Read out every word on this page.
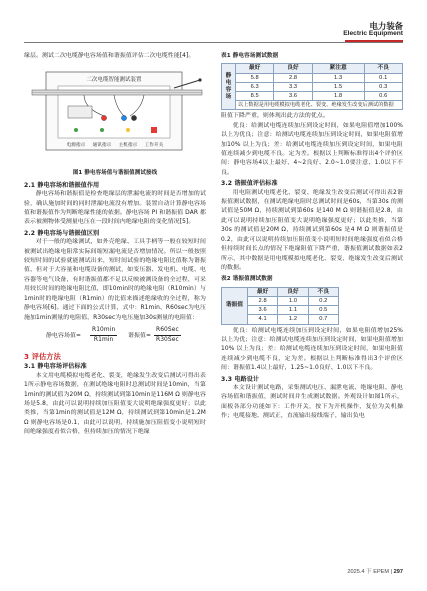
电力装备
Electric Equipment
缘层。测试二次电缆静电容场值和谐振值评估二次电缆性能[4]。
二次电缆智能测试装置
电源指示 通讯指示 主机指示 工作开关
图1 静电容场值与谐振值测试接线
2.1 静电容场和谐振值作用
静电容场和谐振值是检查绝缘层的泄漏电流的时间是否增加的试验，确认施加时间的同时泄漏电流没有增加。装置自动计算静电容场值和谐振值作为判断绝缘性能的依据。静电容场 PI 和谐振值 DAR 都表示被测物体受测量电压在一段时间内绝缘电阻的变化情况[5]。
2.2 静电容场与谐振值区别
对于一般的绝缘测试，如外壳绝缘、工具手柄等一般在较短时间被测试出绝缘电阻常实际间缩短漏电流是否增加情况。所以一般按照较短时间的试验就能测试出来，短时间试验的绝缘电阻比值称为谐振值，但对于大容量和电缆设备的测试，如变压器、发电机、电缆、电容器等电气设备，有时谐振值都不足以反映被测设备的全过程，可采用较长时间的绝缘电阻比值，即10min时的绝缘电阻（R10min）与1min时的绝缘电阻（R1min）的比值来描述绝缘收的全过程，称为静电容场[6]。通过下面的公式计算，式中：R1min、R60sec为电压施加1min测量的电阻值，R30sec为电压施加30s测量的电阻值：
静电容场值=
R10min
R1min
谐振值=
R60Sec
R30Sec
3 评估方法
3.1 静电容场评估标准
本文用电缆模拟电缆老化、裂变，绝缘发生改变后测试可得出表1所示静电容场数据，在测试绝缘电阻时总测试时间是10min，当第1min的测试值为20M Ω，持续测试到第10min是116M Ω 则静电容场是5.8，由此可以说明持续加压阻值变大说明绝缘强度更好；以此类推，当第1min的测试值是12M Ω，持续测试到第10min是1.2M Ω 则静电容场是0.1，由此可以说明，持续施加压阻值变小说明短时间绝缘强度看似合格，但持续加压的情况下绝缘
表1 静电容场测试数据
静电容场	最好	良好	紧注意	不良
	5.8	2.8	1.3	0.1
	6.3	3.3	1.5	0.3
	8.5	3.6	1.8	0.6
	以上数据是用电缆模拟电缆老化、裂变、绝缘发生改变后测试的数据			
阻值下降严重，则体现出此方法的优点。
优良：给测试电缆连续加压到设定时间，如果电阻值增加100% 以上为优良；注意：给测试电缆连续加压到设定时间，如果电阻值增加10% 以上为良；差：给测试电缆连续加压到设定时间，如果电阻值连续减少到电缆不良。定为差。根据以上判断标准得出4个评价区间：静电容场4以上最好、4~2良好、2.0~1.0要注意、1.0以下不良。
3.2 谐振值评估标准
用电阻测试电缆老化、裂变、绝缘发生改变后测试可得出表2谐振值测试数据，在测试绝缘电阻时总测试时间是60s，当第30s 的测试值是50M Ω，持续测试到第60s 是140 M Ω 则谐振值是2.8，由此可以说明持续加压阻值变大说明绝缘强度更好；以此类推，当第30s 的测试值是20M Ω，持续测试到第60s 是4 M Ω 则谐振值是0.2，由此可以说明持续加压阻值变小说明短时间绝缘强度看似合格但持续时间长点的情况下绝缘阻值下降严重，谐振值测试数据如表2所示，其中数据是用电缆模拟电缆老化、裂变、绝缘发生改变后测试的数据。
表2 谐振值测试数据
谐振值	最好	良好	不良
	2.8	1.0	0.2
	3.6	1.1	0.5
	4.1	1.2	0.7
优良：给测试电缆连续加压到设定时间，如果电阻值增加25% 以上为优；注意：给测试电缆连续加压到设定时间，如果电阻值增加10% 以上为良；差：给测试电缆连续加压到设定时间，如果电阻值连续减少到电缆不良，定为差。根据以上判断标准得出3个评价区间：谐振值1.4以上最好，1.25~1.0良好、1.0以下不良。
3.3 电路设计
本文设计测试电路，采集测试电压、漏泄电流、绝缘电阻、静电容场值和谐振值，测试时间并生成测试数据。外观设计如图1所示，面板各部分功能如下：工作开关，按下为开机操作，复位为关机操作；电缆接地、测试正，直流输出接线端子，输出负电
2025.4 下 EPEM | 297
